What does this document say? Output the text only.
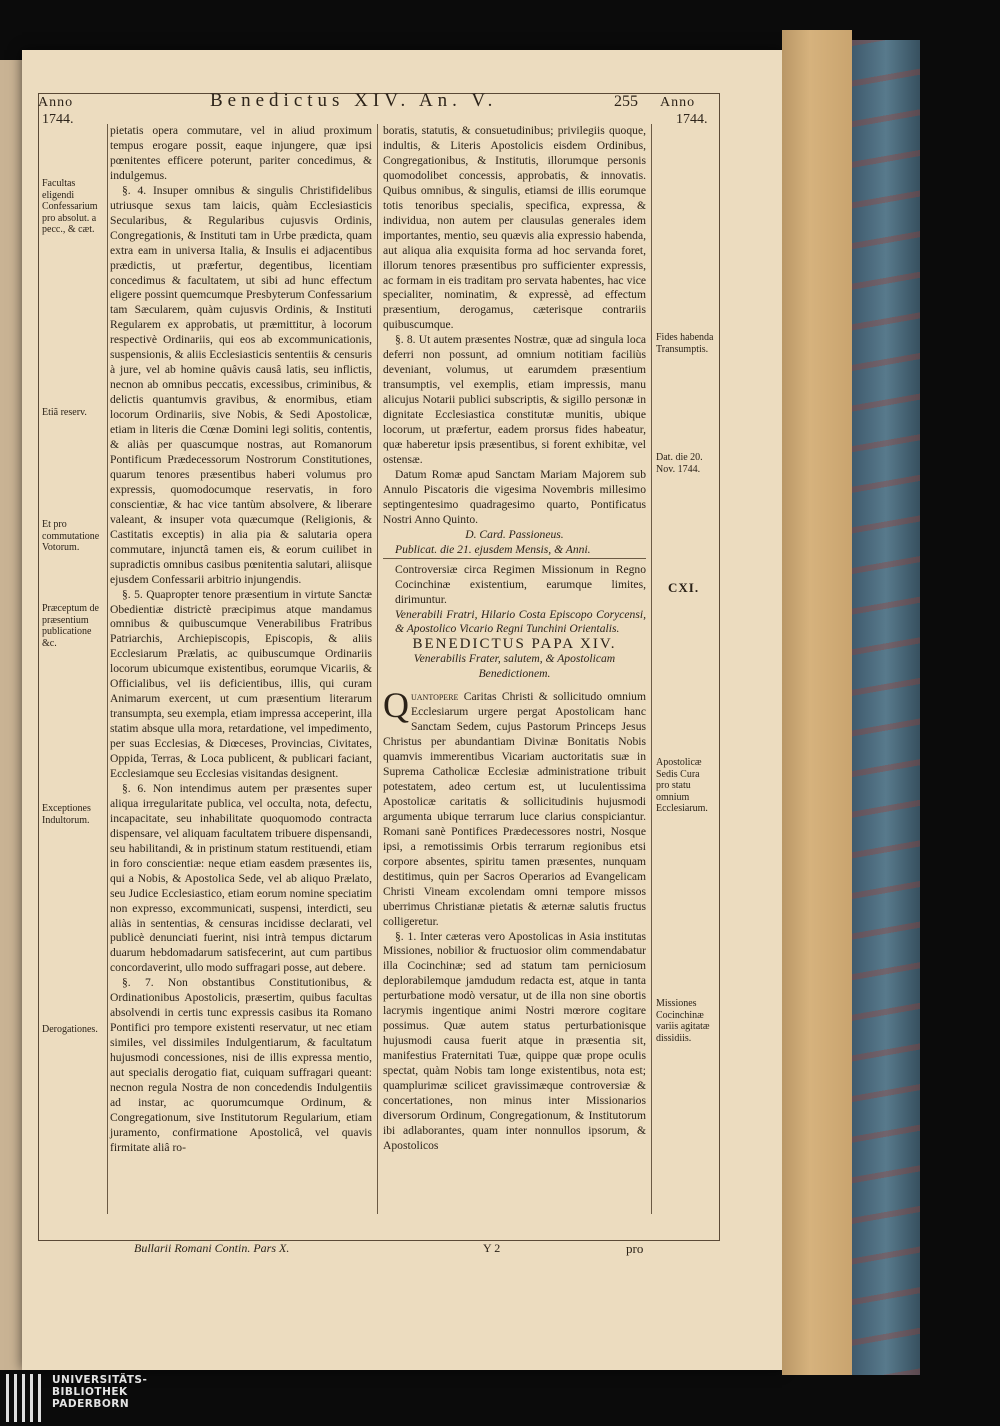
Anno
1744.
Benedictus XIV. An. V.	255 Anno
1744.

pietatis opera commutare, vel in aliud proximum tempus erogare possit, eaque injungere, quæ ipsi pœnitentes efficere poterunt, pariter concedimus, & indulgemus.

§. 4. Insuper omnibus & singulis Christifidelibus utriusque sexus tam laicis, quàm Ecclesiasticis Secularibus, & Regularibus cujusvis Ordinis, Congregationis, & Instituti tam in Urbe prædicta, quam extra eam in universa Italia, & Insulis ei adjacentibus prædictis, ut præfertur, degentibus, licentiam concedimus & facultatem, ut sibi ad hunc effectum eligere possint quemcumque Presbyterum Confessarium tam Sæcularem, quàm cujusvis Ordinis, & Instituti Regularem ex approbatis, ut præmittitur, à locorum respectivè Ordinariis, qui eos ab excommunicationis, suspensionis, & aliis Ecclesiasticis sententiis & censuris à jure, vel ab homine quâvis causâ latis, seu inflictis, necnon ab omnibus peccatis, excessibus, criminibus, & delictis quantumvis gravibus, & enormibus, etiam locorum Ordinariis, sive Nobis, & Sedi Apostolicæ, etiam in literis die Cœnæ Domini legi solitis, contentis, & aliàs per quascumque nostras, aut Romanorum Pontificum Prædecessorum Nostrorum Constitutiones, quarum tenores præsentibus haberi volumus pro expressis, quomodocumque reservatis, in foro conscientiæ, & hac vice tantùm absolvere, & liberare valeant, & insuper vota quæcumque (Religionis, & Castitatis exceptis) in alia pia & salutaria opera commutare, injunctâ tamen eis, & eorum cuilibet in supradictis omnibus casibus pœnitentia salutari, aliisque ejusdem Confessarii arbitrio injungendis.

§. 5. Quapropter tenore præsentium in virtute Sanctæ Obedientiæ districtè præcipimus atque mandamus omnibus & quibuscumque Venerabilibus Fratribus Patriarchis, Archiepiscopis, Episcopis, & aliis Ecclesiarum Prælatis, ac quibuscumque Ordinariis locorum ubicumque existentibus, eorumque Vicariis, & Officialibus, vel iis deficientibus, illis, qui curam Animarum exercent, ut cum præsentium literarum transumpta, seu exempla, etiam impressa acceperint, illa statim absque ulla mora, retardatione, vel impedimento, per suas Ecclesias, & Diœceses, Provincias, Civitates, Oppida, Terras, & Loca publicent, & publicari faciant, Ecclesiamque seu Ecclesias visitandas designent.

§. 6. Non intendimus autem per præsentes super aliqua irregularitate publica, vel occulta, nota, defectu, incapacitate, seu inhabilitate quoquomodo contracta dispensare, vel aliquam facultatem tribuere dispensandi, seu habilitandi, & in pristinum statum restituendi, etiam in foro conscientiæ: neque etiam easdem præsentes iis, qui a Nobis, & Apostolica Sede, vel ab aliquo Prælato, seu Judice Ecclesiastico, etiam eorum nomine speciatim non expresso, excommunicati, suspensi, interdicti, seu aliàs in sententias, & censuras incidisse declarati, vel publicè denunciati fuerint, nisi intrà tempus dictarum duarum hebdomadarum satisfecerint, aut cum partibus concordaverint, ullo modo suffragari posse, aut debere.

§. 7. Non obstantibus Constitutionibus, & Ordinationibus Apostolicis, præsertim, quibus facultas absolvendi in certis tunc expressis casibus ita Romano Pontifici pro tempore existenti reservatur, ut nec etiam similes, vel dissimiles Indulgentiarum, & facultatum hujusmodi concessiones, nisi de illis expressa mentio, aut specialis derogatio fiat, cuiquam suffragari queant: necnon regula Nostra de non concedendis Indulgentiis ad instar, ac quorumcumque Ordinum, & Congregationum, sive Institutorum Regularium, etiam juramento, confirmatione Apostolicâ, vel quavis firmitate aliâ ro-

boratis, statutis, & consuetudinibus; privilegiis quoque, indultis, & Literis Apostolicis eisdem Ordinibus, Congregationibus, & Institutis, illorumque personis quomodolibet concessis, approbatis, & innovatis. Quibus omnibus, & singulis, etiamsi de illis eorumque totis tenoribus specialis, specifica, expressa, & individua, non autem per clausulas generales idem importantes, mentio, seu quævis alia expressio habenda, aut aliqua alia exquisita forma ad hoc servanda foret, illorum tenores præsentibus pro sufficienter expressis, ac formam in eis traditam pro servata habentes, hac vice specialiter, nominatim, & expressè, ad effectum præsentium, derogamus, cæterisque contrariis quibuscumque.

§. 8. Ut autem præsentes Nostræ, quæ ad singula loca deferri non possunt, ad omnium notitiam faciliùs deveniant, volumus, ut earumdem præsentium transumptis, vel exemplis, etiam impressis, manu alicujus Notarii publici subscriptis, & sigillo personæ in dignitate Ecclesiastica constitutæ munitis, ubique locorum, ut præfertur, eadem prorsus fides habeatur, quæ haberetur ipsis præsentibus, si forent exhibitæ, vel ostensæ.

Datum Romæ apud Sanctam Mariam Majorem sub Annulo Piscatoris die vigesima Novembris millesimo septingentesimo quadragesimo quarto, Pontificatus Nostri Anno Quinto.

D. Card. Passioneus.

Publicat. die 21. ejusdem Mensis, & Anni.

Controversiæ circa Regimen Missionum in Regno Cocinchinæ existentium, earumque limites, dirimuntur.

Venerabili Fratri, Hilario Costa Episcopo Corycensi, & Apostolico Vicario Regni Tunchini Orientalis.

BENEDICTUS PAPA XIV.

Venerabilis Frater, salutem, & Apostolicam Benedictionem.

Quantopere Caritas Christi & sollicitudo omnium Ecclesiarum urgere pergat Apostolicam hanc Sanctam Sedem, cujus Pastorum Princeps Jesus Christus per abundantiam Divinæ Bonitatis Nobis quamvis immerentibus Vicariam auctoritatis suæ in Suprema Catholicæ Ecclesiæ administratione tribuit potestatem, adeo certum est, ut luculentissima Apostolicæ caritatis & sollicitudinis hujusmodi argumenta ubique terrarum luce clarius conspiciantur. Romani sanè Pontifices Prædecessores nostri, Nosque ipsi, a remotissimis Orbis terrarum regionibus etsi corpore absentes, spiritu tamen præsentes, nunquam destitimus, quin per Sacros Operarios ad Evangelicam Christi Vineam excolendam omni tempore missos uberrimus Christianæ pietatis & æternæ salutis fructus colligeretur.

§. 1. Inter cæteras vero Apostolicas in Asia institutas Missiones, nobilior & fructuosior olim commendabatur illa Cocinchinæ; sed ad statum tam perniciosum deplorabilemque jamdudum redacta est, atque in tanta perturbatione modò versatur, ut de illa non sine obortis lacrymis ingentique animi Nostri mœrore cogitare possimus. Quæ autem status perturbationisque hujusmodi causa fuerit atque in præsentia sit, manifestius Fraternitati Tuæ, quippe quæ prope oculis spectat, quàm Nobis tam longe existentibus, nota est; quamplurimæ scilicet gravissimæque controversiæ & concertationes, non minus inter Missionarios diversorum Ordinum, Congregationum, & Institutorum ibi adlaborantes, quam inter nonnullos ipsorum, & Apostolicos

CXI.
Facultas eligendi Confessarium pro absolut. a pecc., & cæt.
Etiã reserv.
Et pro commutatione Votorum.
Præceptum de præsentium publicatione &c.
Exceptiones Indultorum.
Derogationes.
Fides habenda Transumptis.
Dat. die 20. Nov. 1744.
Apostolicæ Sedis Cura pro statu omnium Ecclesiarum.
Missiones Cocinchinæ variis agitatæ dissidiis.
Bullarii Romani Contin. Pars X.	Y 2	pro
UNIVERSITÄTS-
BIBLIOTHEK
PADERBORN
